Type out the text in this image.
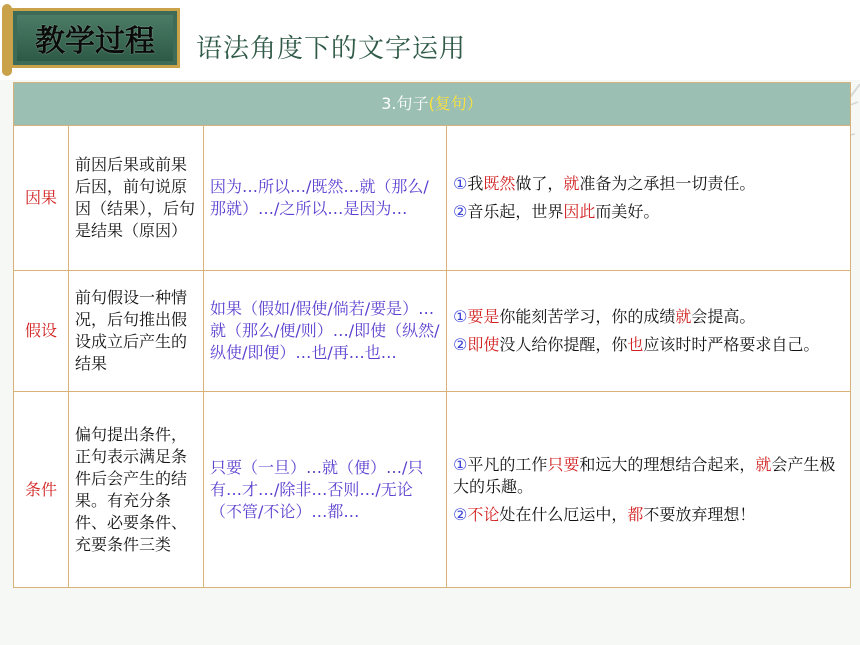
教学过程 语法角度下的文字运用
3.句子(复句）			
因果	前因后果或前果后因，前句说原因（结果），后句是结果（原因）	因为…所以…/既然…就（那么/那就）…/之所以…是因为…	①我既然做了，就准备为之承担一切责任。

②音乐起，世界因此而美好。

假设	前句假设一种情况，后句推出假设成立后产生的结果	如果（假如/假使/倘若/要是）…就（那么/便/则）…/即使（纵然/纵使/即便）…也/再…也…	①要是你能刻苦学习，你的成绩就会提高。

②即使没人给你提醒，你也应该时时严格要求自己。

条件	偏句提出条件，正句表示满足条件后会产生的结果。有充分条件、必要条件、充要条件三类	只要（一旦）…就（便）…/只有…才…/除非…否则…/无论（不管/不论）…都…	①平凡的工作只要和远大的理想结合起来，就会产生极大的乐趣。

②不论处在什么厄运中，都不要放弃理想！
